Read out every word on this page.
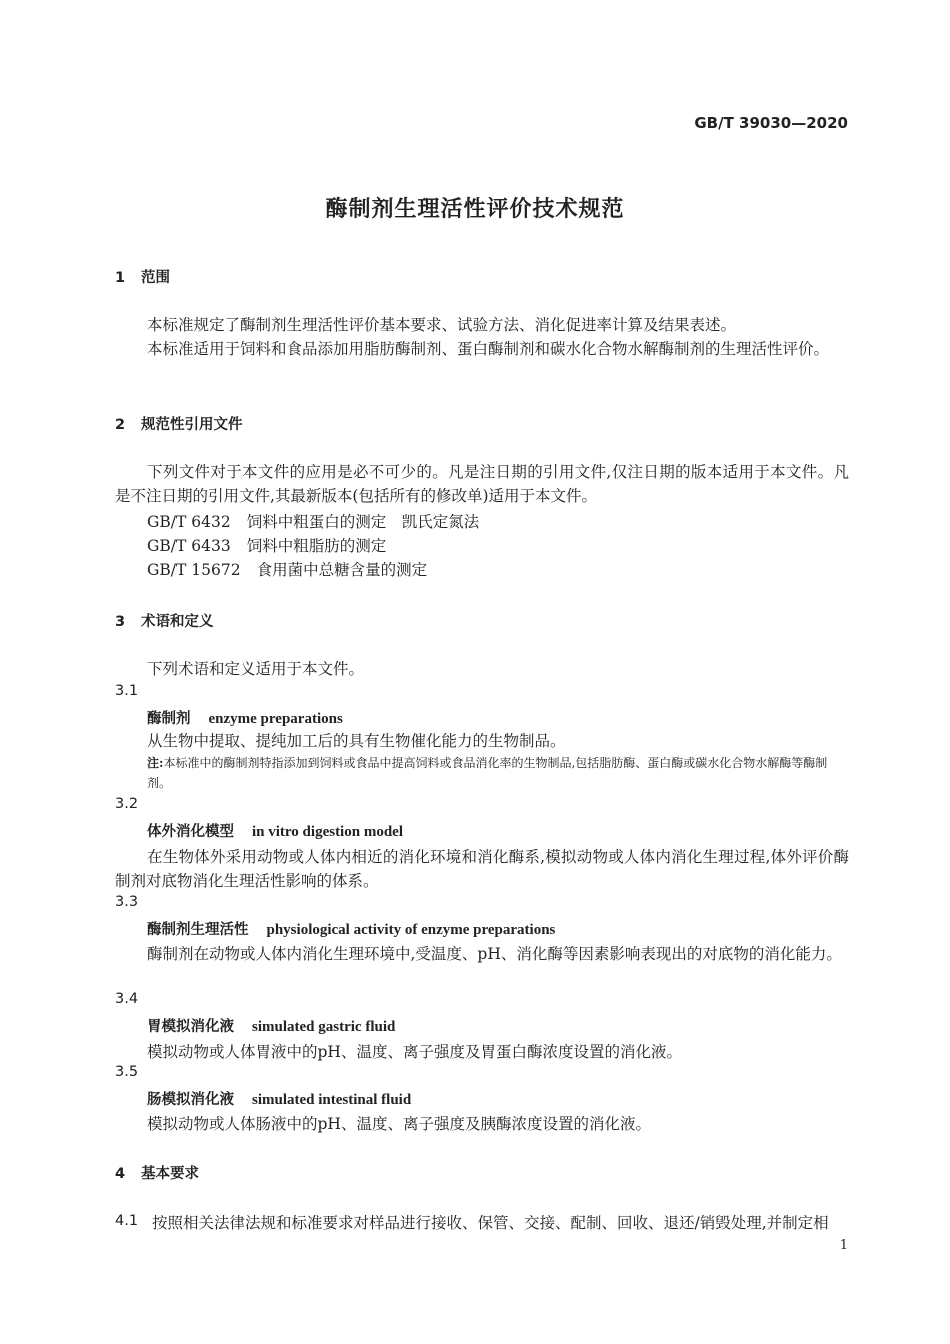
GB/T 39030—2020
酶制剂生理活性评价技术规范
1 范围
本标准规定了酶制剂生理活性评价基本要求、试验方法、消化促进率计算及结果表述。
本标准适用于饲料和食品添加用脂肪酶制剂、蛋白酶制剂和碳水化合物水解酶制剂的生理活性评价。
2 规范性引用文件
下列文件对于本文件的应用是必不可少的。凡是注日期的引用文件,仅注日期的版本适用于本文件。凡是不注日期的引用文件,其最新版本(包括所有的修改单)适用于本文件。
GB/T 6432 饲料中粗蛋白的测定　凯氏定氮法
GB/T 6433 饲料中粗脂肪的测定
GB/T 15672 食用菌中总糖含量的测定
3 术语和定义
下列术语和定义适用于本文件。
3.1
酶制剂 enzyme preparations
从生物中提取、提纯加工后的具有生物催化能力的生物制品。
注:本标准中的酶制剂特指添加到饲料或食品中提高饲料或食品消化率的生物制品,包括脂肪酶、蛋白酶或碳水化合物水解酶等酶制剂。
3.2
体外消化模型 in vitro digestion model
在生物体外采用动物或人体内相近的消化环境和消化酶系,模拟动物或人体内消化生理过程,体外评价酶制剂对底物消化生理活性影响的体系。
3.3
酶制剂生理活性 physiological activity of enzyme preparations
酶制剂在动物或人体内消化生理环境中,受温度、pH、消化酶等因素影响表现出的对底物的消化能力。
3.4
胃模拟消化液 simulated gastric fluid
模拟动物或人体胃液中的pH、温度、离子强度及胃蛋白酶浓度设置的消化液。
3.5
肠模拟消化液 simulated intestinal fluid
模拟动物或人体肠液中的pH、温度、离子强度及胰酶浓度设置的消化液。
4 基本要求
4.1 按照相关法律法规和标准要求对样品进行接收、保管、交接、配制、回收、退还/销毁处理,并制定相
1
